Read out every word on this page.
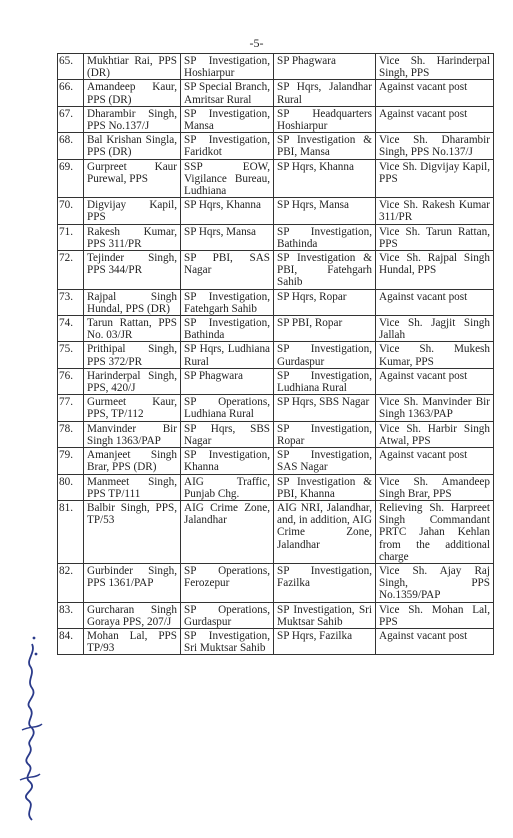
-5-
65.	Mukhtiar Rai, PPS (DR)	SP Investigation, Hoshiarpur	SP Phagwara	Vice Sh. Harinderpal Singh, PPS
66.	Amandeep Kaur, PPS (DR)	SP Special Branch, Amritsar Rural	SP Hqrs, Jalandhar Rural	Against vacant post
67.	Dharambir Singh, PPS No.137/J	SP Investigation, Mansa	SP Headquarters Hoshiarpur	Against vacant post
68.	Bal Krishan Singla, PPS (DR)	SP Investigation, Faridkot	SP Investigation & PBI, Mansa	Vice Sh. Dharambir Singh, PPS No.137/J
69.	Gurpreet Kaur Purewal, PPS	SSP EOW, Vigilance Bureau, Ludhiana	SP Hqrs, Khanna	Vice Sh. Digvijay Kapil, PPS
70.	Digvijay Kapil, PPS	SP Hqrs, Khanna	SP Hqrs, Mansa	Vice Sh. Rakesh Kumar 311/PR
71.	Rakesh Kumar, PPS 311/PR	SP Hqrs, Mansa	SP Investigation, Bathinda	Vice Sh. Tarun Rattan, PPS
72.	Tejinder Singh, PPS 344/PR	SP PBI, SAS Nagar	SP Investigation & PBI, Fatehgarh Sahib	Vice Sh. Rajpal Singh Hundal, PPS
73.	Rajpal Singh Hundal, PPS (DR)	SP Investigation, Fatehgarh Sahib	SP Hqrs, Ropar	Against vacant post
74.	Tarun Rattan, PPS No. 03/JR	SP Investigation, Bathinda	SP PBI, Ropar	Vice Sh. Jagjit Singh Jallah
75.	Prithipal Singh, PPS 372/PR	SP Hqrs, Ludhiana Rural	SP Investigation, Gurdaspur	Vice Sh. Mukesh Kumar, PPS
76.	Harinderpal Singh, PPS, 420/J	SP Phagwara	SP Investigation, Ludhiana Rural	Against vacant post
77.	Gurmeet Kaur, PPS, TP/112	SP Operations, Ludhiana Rural	SP Hqrs, SBS Nagar	Vice Sh. Manvinder Bir Singh 1363/PAP
78.	Manvinder Bir Singh 1363/PAP	SP Hqrs, SBS Nagar	SP Investigation, Ropar	Vice Sh. Harbir Singh Atwal, PPS
79.	Amanjeet Singh Brar, PPS (DR)	SP Investigation, Khanna	SP Investigation, SAS Nagar	Against vacant post
80.	Manmeet Singh, PPS TP/111	AIG Traffic, Punjab Chg.	SP Investigation & PBI, Khanna	Vice Sh. Amandeep Singh Brar, PPS
81.	Balbir Singh, PPS, TP/53	AIG Crime Zone, Jalandhar	AIG NRI, Jalandhar, and, in addition, AIG Crime Zone, Jalandhar	Relieving Sh. Harpreet Singh Commandant PRTC Jahan Kehlan from the additional charge
82.	Gurbinder Singh, PPS 1361/PAP	SP Operations, Ferozepur	SP Investigation, Fazilka	Vice Sh. Ajay Raj Singh, PPS No.1359/PAP
83.	Gurcharan Singh Goraya PPS, 207/J	SP Operations, Gurdaspur	SP Investigation, Sri Muktsar Sahib	Vice Sh. Mohan Lal, PPS
84.	Mohan Lal, PPS TP/93	SP Investigation, Sri Muktsar Sahib	SP Hqrs, Fazilka	Against vacant post
